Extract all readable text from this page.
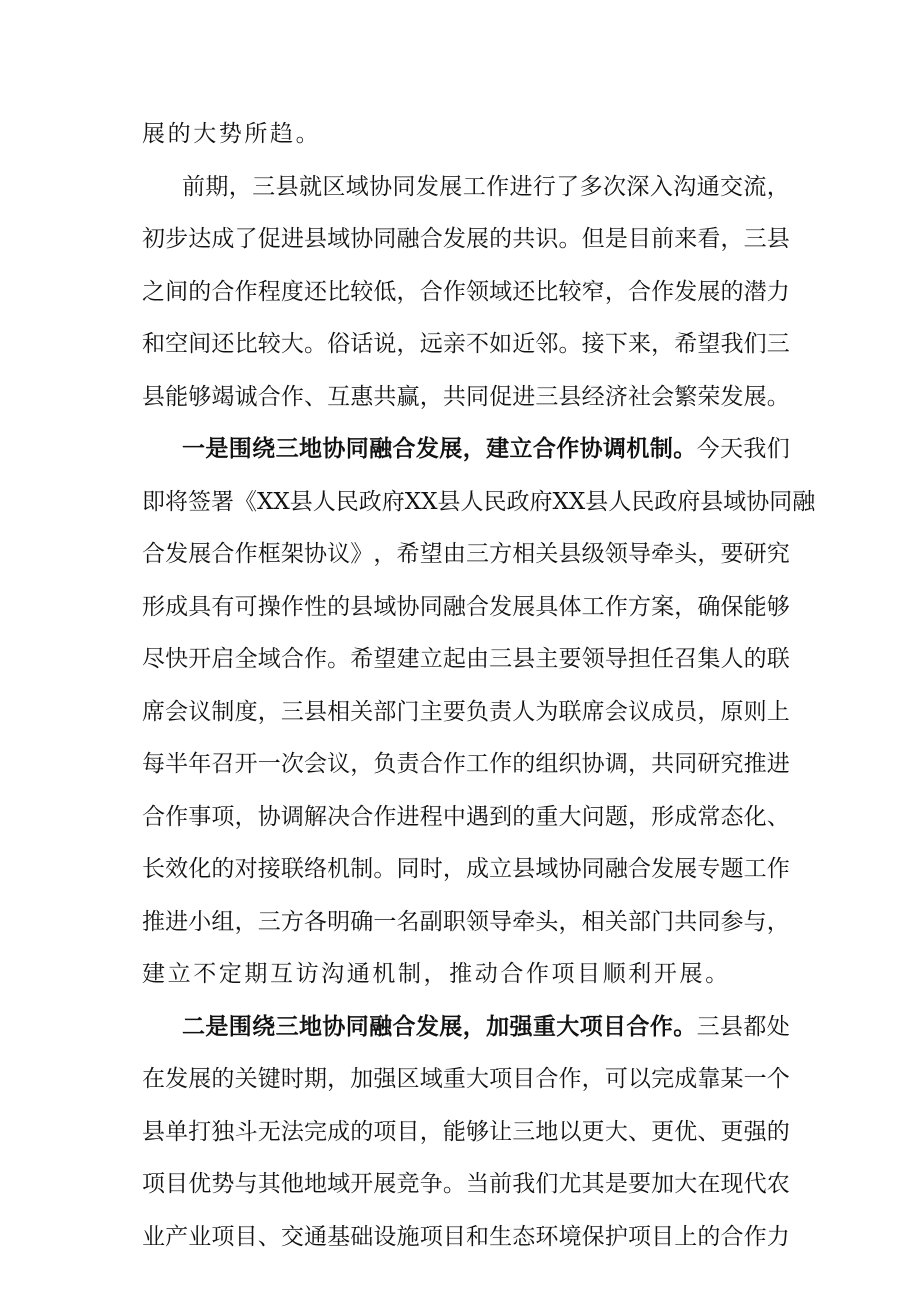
展 的 大 势 所 趋 。
前 期 ， 三 县 就 区 域 协 同 发 展 工 作 进 行 了 多 次 深 入 沟 通 交 流 ，
初 步 达 成 了 促 进 县 域 协 同 融 合 发 展 的 共 识 。 但 是 目 前 来 看 ， 三 县
之 间 的 合 作 程 度 还 比 较 低 ， 合 作 领 域 还 比 较 窄 ， 合 作 发 展 的 潜 力
和 空 间 还 比 较 大 。 俗 话 说 ， 远 亲 不 如 近 邻 。 接 下 来 ， 希 望 我 们 三
县 能 够 竭 诚 合 作 、 互 惠 共 赢 ， 共 同 促 进 三 县 经 济 社 会 繁 荣 发 展 。
一 是 围 绕 三 地 协 同 融 合 发 展 ， 建 立 合 作 协 调 机 制 。 今 天 我 们
即 将 签 署 《 X X 县 人 民 政 府 X X 县 人 民 政 府 X X 县 人 民 政 府 县 域 协 同 融
合 发 展 合 作 框 架 协 议 》 ， 希 望 由 三 方 相 关 县 级 领 导 牵 头 ， 要 研 究
形 成 具 有 可 操 作 性 的 县 域 协 同 融 合 发 展 具 体 工 作 方 案 ， 确 保 能 够
尽 快 开 启 全 域 合 作 。 希 望 建 立 起 由 三 县 主 要 领 导 担 任 召 集 人 的 联
席 会 议 制 度 ， 三 县 相 关 部 门 主 要 负 责 人 为 联 席 会 议 成 员 ， 原 则 上
每 半 年 召 开 一 次 会 议 ， 负 责 合 作 工 作 的 组 织 协 调 ， 共 同 研 究 推 进
合 作 事 项 ， 协 调 解 决 合 作 进 程 中 遇 到 的 重 大 问 题 ， 形 成 常 态 化 、
长 效 化 的 对 接 联 络 机 制 。 同 时 ， 成 立 县 域 协 同 融 合 发 展 专 题 工 作
推 进 小 组 ， 三 方 各 明 确 一 名 副 职 领 导 牵 头 ， 相 关 部 门 共 同 参 与 ，
建 立 不 定 期 互 访 沟 通 机 制 ， 推 动 合 作 项 目 顺 利 开 展 。
二 是 围 绕 三 地 协 同 融 合 发 展 ， 加 强 重 大 项 目 合 作 。 三 县 都 处
在 发 展 的 关 键 时 期 ， 加 强 区 域 重 大 项 目 合 作 ， 可 以 完 成 靠 某 一 个
县 单 打 独 斗 无 法 完 成 的 项 目 ， 能 够 让 三 地 以 更 大 、 更 优 、 更 强 的
项 目 优 势 与 其 他 地 域 开 展 竞 争 。 当 前 我 们 尤 其 是 要 加 大 在 现 代 农
业 产 业 项 目 、 交 通 基 础 设 施 项 目 和 生 态 环 境 保 护 项 目 上 的 合 作 力
